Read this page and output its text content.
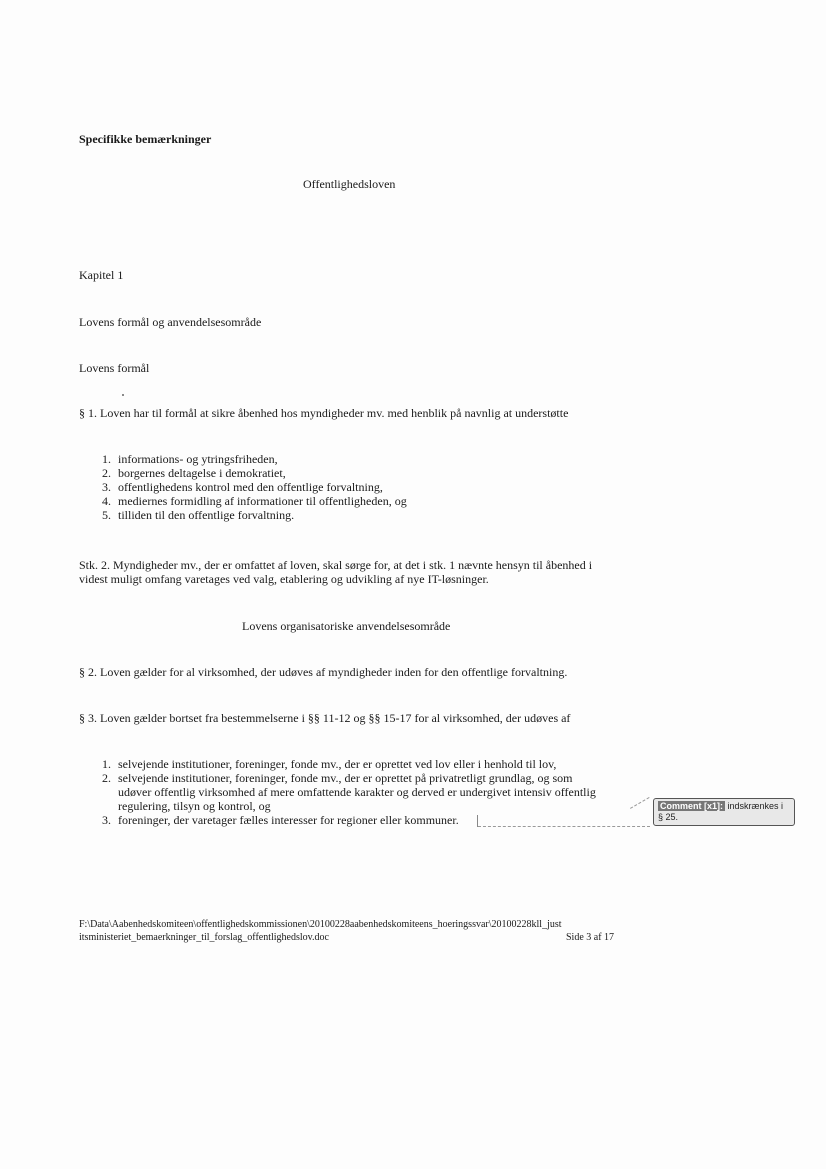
Specifikke bemærkninger
Offentlighedsloven
Kapitel 1
Lovens formål og anvendelsesområde
Lovens formål
§ 1. Loven har til formål at sikre åbenhed hos myndigheder mv. med henblik på navnlig at understøtte
1. informations- og ytringsfriheden,
2. borgernes deltagelse i demokratiet,
3. offentlighedens kontrol med den offentlige forvaltning,
4. mediernes formidling af informationer til offentligheden, og
5. tilliden til den offentlige forvaltning.
Stk. 2. Myndigheder mv., der er omfattet af loven, skal sørge for, at det i stk. 1 nævnte hensyn til åbenhed i
videst muligt omfang varetages ved valg, etablering og udvikling af nye IT-løsninger.
Lovens organisatoriske anvendelsesområde
§ 2. Loven gælder for al virksomhed, der udøves af myndigheder inden for den offentlige forvaltning.
§ 3. Loven gælder bortset fra bestemmelserne i §§ 11-12 og §§ 15-17 for al virksomhed, der udøves af
1. selvejende institutioner, foreninger, fonde mv., der er oprettet ved lov eller i henhold til lov,
2. selvejende institutioner, foreninger, fonde mv., der er oprettet på privatretligt grundlag, og som
udøver offentlig virksomhed af mere omfattende karakter og derved er undergivet intensiv offentlig
regulering, tilsyn og kontrol, og
3. foreninger, der varetager fælles interesser for regioner eller kommuner.
Comment [x1]: indskrænkes i
§ 25.
F:\Data\Aabenhedskomiteen\offentlighedskommissionen\20100228aabenhedskomiteens_hoeringssvar\20100228kll_just
itsministeriet_bemaerkninger_til_forslag_offentlighedslov.doc	Side 3 af 17
